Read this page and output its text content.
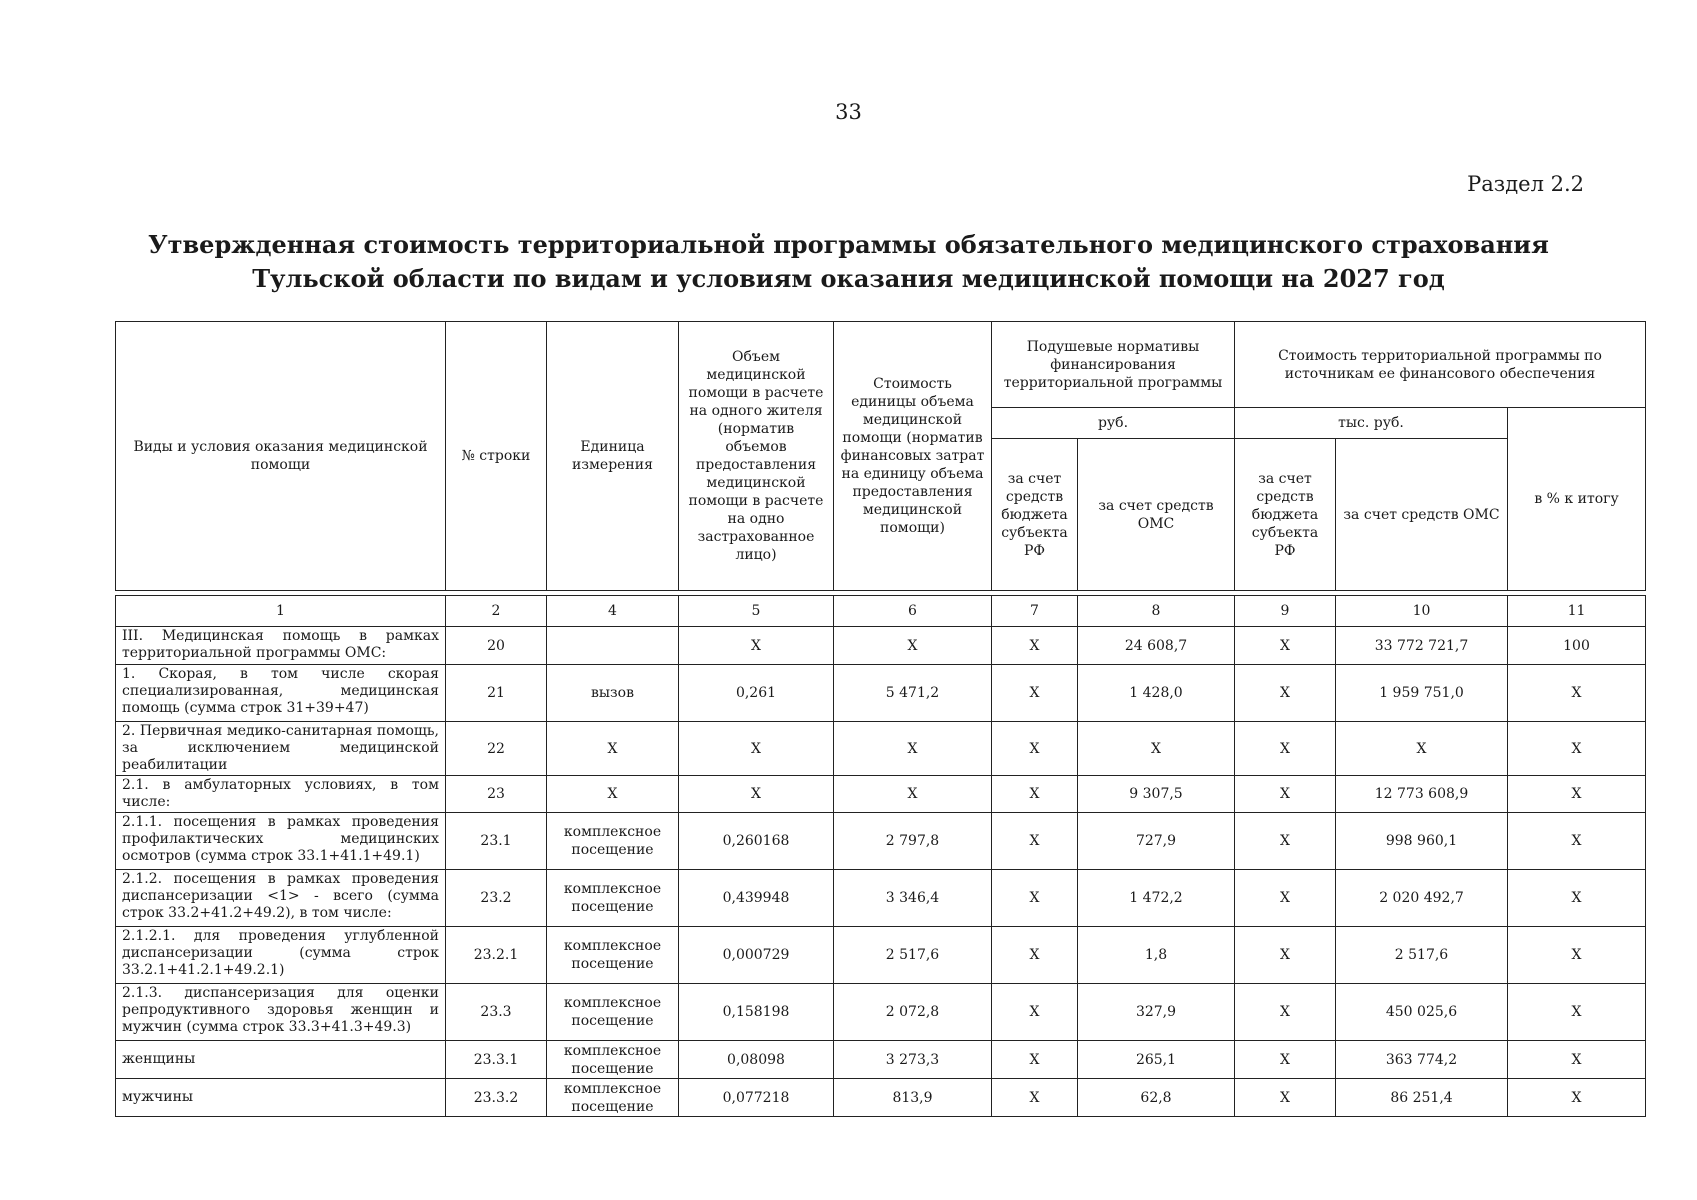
33
Раздел 2.2
Утвержденная стоимость территориальной программы обязательного медицинского страхования
Тульской области по видам и условиям оказания медицинской помощи на 2027 год
Виды и условия оказания медицинской помощи	№ строки	Единица измерения	Объем медицинской помощи в расчете на одного жителя (норматив объемов предоставления медицинской помощи в расчете на одно застрахованное лицо)	Стоимость единицы объема медицинской помощи (норматив финансовых затрат на единицу объема предоставления медицинской помощи)	Подушевые нормативы финансирования территориальной программы		Стоимость территориальной программы по источникам ее финансового обеспечения		
					руб.		тыс. руб.		в % к итогу
					за счет средств бюджета субъекта РФ	за счет средств ОМС	за счет средств бюджета субъекта РФ	за счет средств ОМС	
1	2	4	5	6	7	8	9	10	11
III. Медицинская помощь в рамках территориальной программы ОМС:	20		X	X	X	24 608,7	X	33 772 721,7	100
1. Скорая, в том числе скорая специализированная, медицинская помощь (сумма строк 31+39+47)	21	вызов	0,261	5 471,2	X	1 428,0	X	1 959 751,0	X
2. Первичная медико-санитарная помощь, за исключением медицинской реабилитации	22	X	X	X	X	X	X	X	X
2.1. в амбулаторных условиях, в том числе:	23	X	X	X	X	9 307,5	X	12 773 608,9	X
2.1.1. посещения в рамках проведения профилактических медицинских осмотров (сумма строк 33.1+41.1+49.1)	23.1	комплексное посещение	0,260168	2 797,8	X	727,9	X	998 960,1	X
2.1.2. посещения в рамках проведения диспансеризации <1> - всего (сумма строк 33.2+41.2+49.2), в том числе:	23.2	комплексное посещение	0,439948	3 346,4	X	1 472,2	X	2 020 492,7	X
2.1.2.1. для проведения углубленной диспансеризации (сумма строк 33.2.1+41.2.1+49.2.1)	23.2.1	комплексное посещение	0,000729	2 517,6	X	1,8	X	2 517,6	X
2.1.3. диспансеризация для оценки репродуктивного здоровья женщин и мужчин (сумма строк 33.3+41.3+49.3)	23.3	комплексное посещение	0,158198	2 072,8	X	327,9	X	450 025,6	X
женщины	23.3.1	комплексное посещение	0,08098	3 273,3	X	265,1	X	363 774,2	X
мужчины	23.3.2	комплексное посещение	0,077218	813,9	X	62,8	X	86 251,4	X
